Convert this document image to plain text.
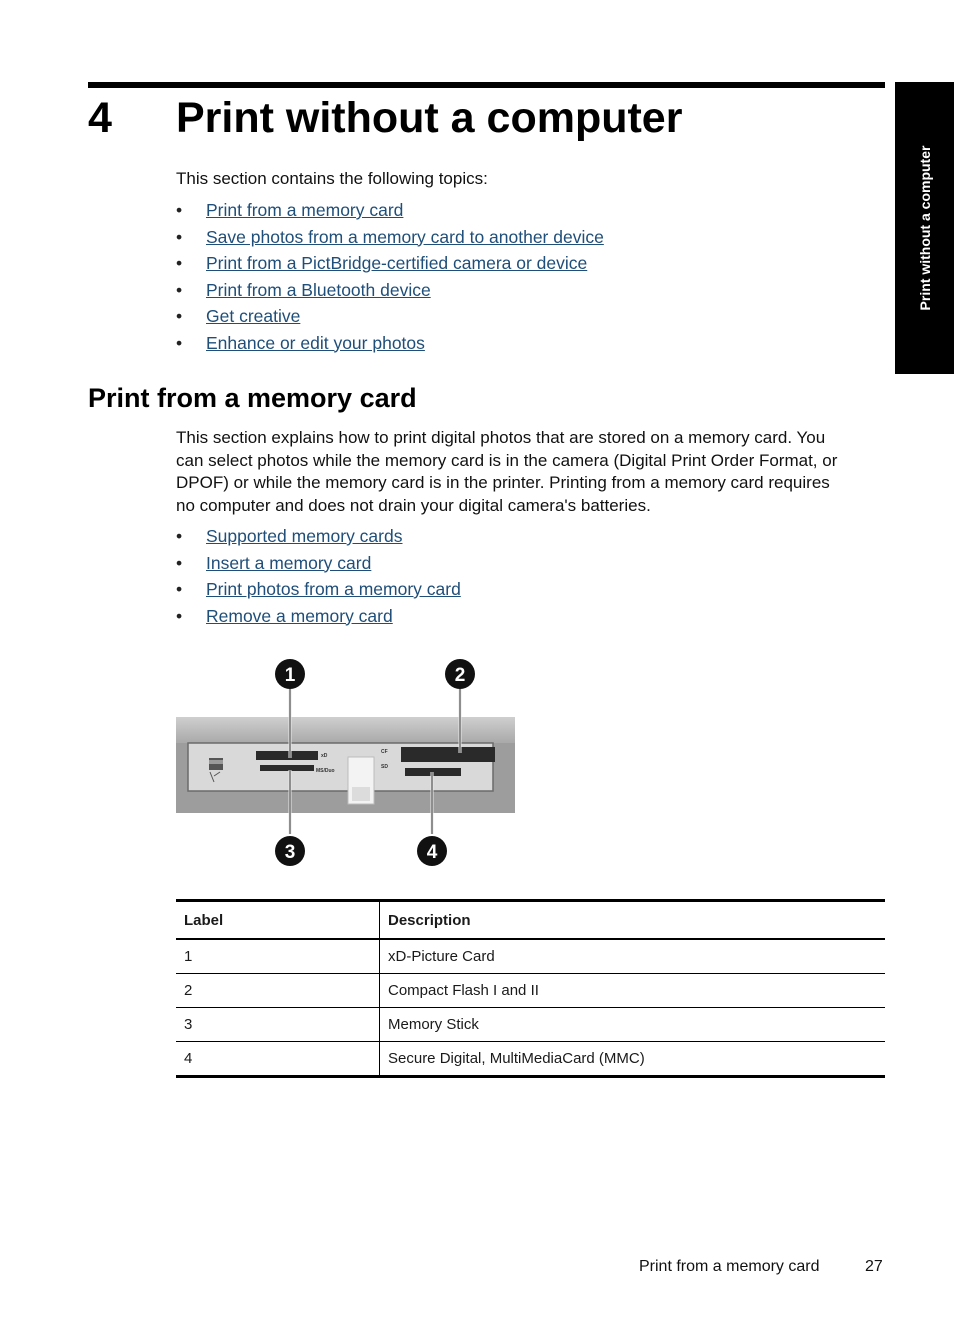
4 Print without a computer
Print without a computer

This section contains the following topics:

• Print from a memory card
• Save photos from a memory card to another device
• Print from a PictBridge-certified camera or device
• Print from a Bluetooth device
• Get creative
• Enhance or edit your photos
Print from a memory card
This section explains how to print digital photos that are stored on a memory card. You
can select photos while the memory card is in the camera (Digital Print Order Format, or
DPOF) or while the memory card is in the printer. Printing from a memory card requires
no computer and does not drain your digital camera's batteries.
• Supported memory cards
• Insert a memory card
• Print photos from a memory card
• Remove a memory card
xD
MS/Duo
CF
SD
1	2
3	4
Label	Description
1	xD-Picture Card
2	Compact Flash I and II
3	Memory Stick
4	Secure Digital, MultiMediaCard (MMC)
Print from a memory card	27
